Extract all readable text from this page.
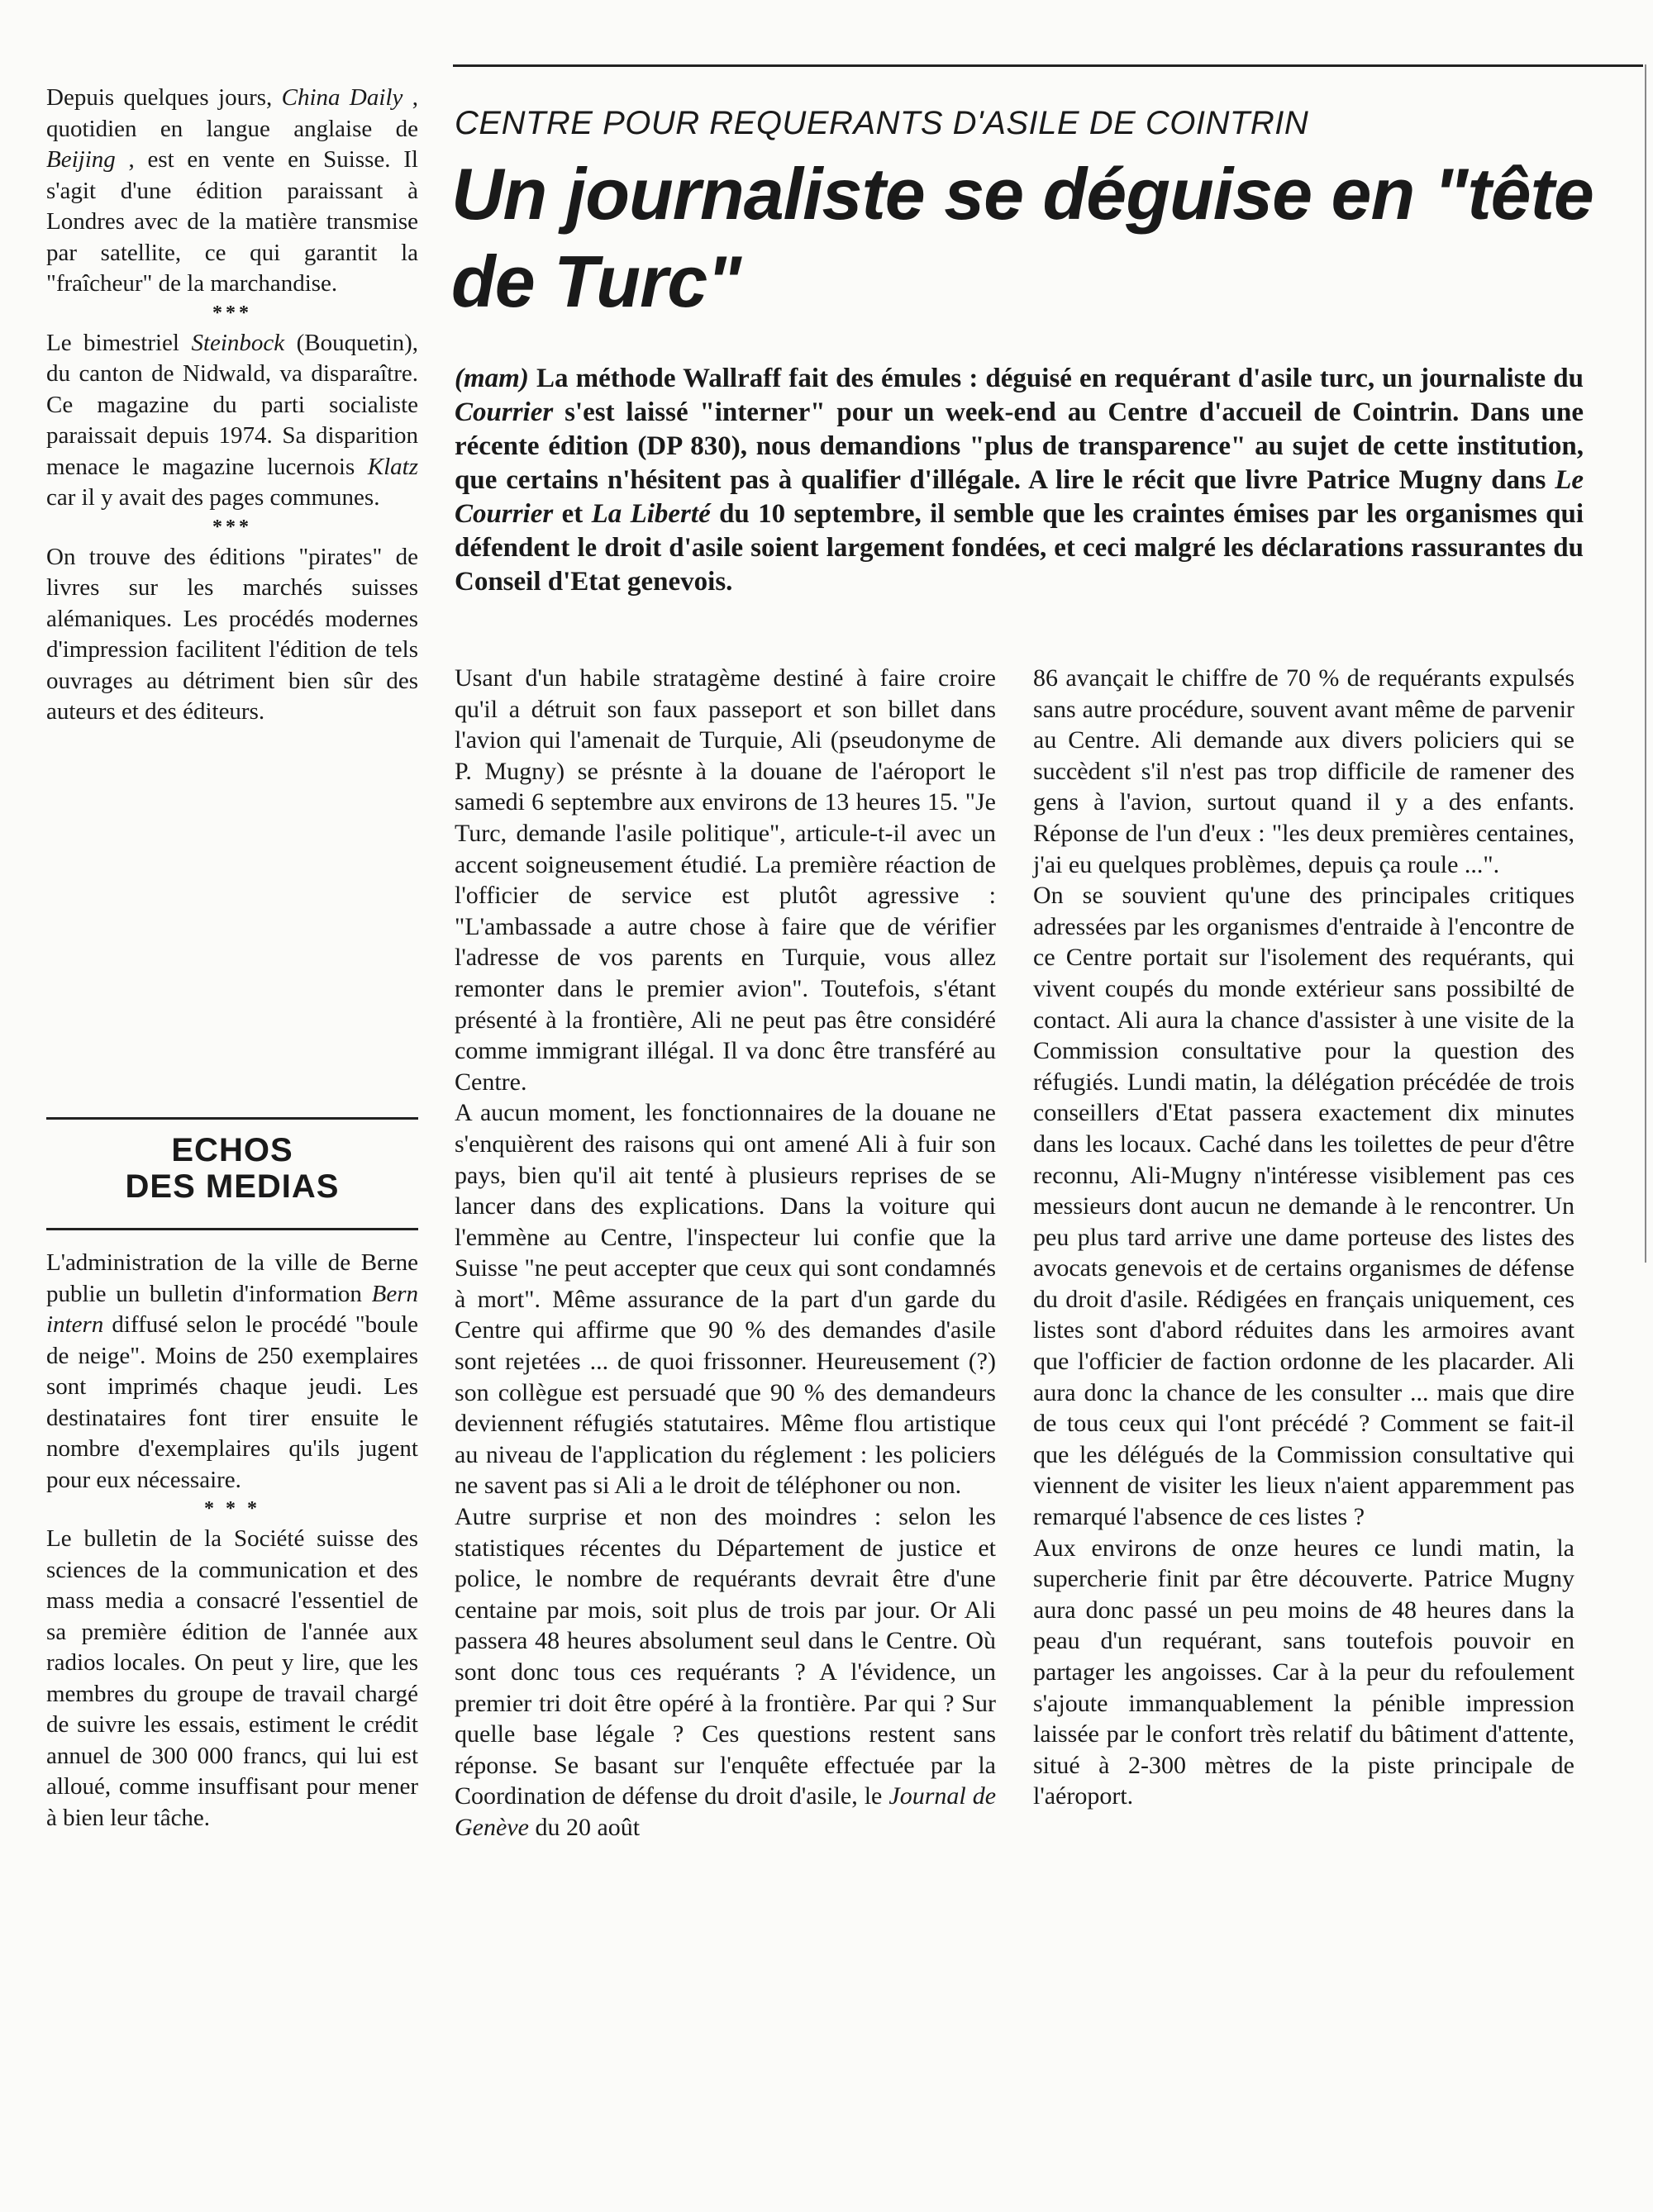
Depuis quelques jours, China Daily , quotidien en langue anglaise de Beijing , est en vente en Suisse. Il s'agit d'une édition paraissant à Londres avec de la matière transmise par satellite, ce qui garantit la "fraîcheur" de la marchandise.

***

Le bimestriel Steinbock (Bouquetin), du canton de Nidwald, va disparaître. Ce magazine du parti socialiste paraissait depuis 1974. Sa disparition menace le magazine lucernois Klatz car il y avait des pages communes.

***

On trouve des éditions "pirates" de livres sur les marchés suisses alémaniques. Les procédés modernes d'impression facilitent l'édition de tels ouvrages au détriment bien sûr des auteurs et des éditeurs.

ECHOS
DES MEDIAS

L'administration de la ville de Berne publie un bulletin d'information Bern intern diffusé selon le procédé "boule de neige". Moins de 250 exemplaires sont imprimés chaque jeudi. Les destinataires font tirer ensuite le nombre d'exemplaires qu'ils jugent pour eux nécessaire.

* * *

Le bulletin de la Société suisse des sciences de la communication et des mass media a consacré l'essentiel de sa première édition de l'année aux radios locales. On peut y lire, que les membres du groupe de travail chargé de suivre les essais, estiment le crédit annuel de 300 000 francs, qui lui est alloué, comme insuffisant pour mener à bien leur tâche.

CENTRE POUR REQUERANTS D'ASILE DE COINTRIN

Un journaliste se déguise en "tête de Turc"

(mam) La méthode Wallraff fait des émules : déguisé en requérant d'asile turc, un journaliste du Courrier s'est laissé "interner" pour un week-end au Centre d'accueil de Cointrin. Dans une récente édition (DP 830), nous demandions "plus de transparence" au sujet de cette institution, que certains n'hésitent pas à qualifier d'illégale. A lire le récit que livre Patrice Mugny dans Le Courrier et La Liberté du 10 septembre, il semble que les craintes émises par les organismes qui défendent le droit d'asile soient largement fondées, et ceci malgré les déclarations rassurantes du Conseil d'Etat genevois.

Usant d'un habile stratagème destiné à faire croire qu'il a détruit son faux passeport et son billet dans l'avion qui l'amenait de Turquie, Ali (pseudonyme de P. Mugny) se présnte à la douane de l'aéroport le samedi 6 septembre aux environs de 13 heures 15. "Je Turc, demande l'asile politique", articule-t-il avec un accent soigneusement étudié. La première réaction de l'officier de service est plutôt agressive : "L'ambassade a autre chose à faire que de vérifier l'adresse de vos parents en Turquie, vous allez remonter dans le premier avion". Toutefois, s'étant présenté à la frontière, Ali ne peut pas être considéré comme immigrant illégal. Il va donc être transféré au Centre.

A aucun moment, les fonctionnaires de la douane ne s'enquièrent des raisons qui ont amené Ali à fuir son pays, bien qu'il ait tenté à plusieurs reprises de se lancer dans des explications. Dans la voiture qui l'emmène au Centre, l'inspecteur lui confie que la Suisse "ne peut accepter que ceux qui sont condamnés à mort". Même assurance de la part d'un garde du Centre qui affirme que 90 % des demandes d'asile sont rejetées ... de quoi frissonner. Heureusement (?) son collègue est persuadé que 90 % des demandeurs deviennent réfugiés statutaires. Même flou artistique au niveau de l'application du réglement : les policiers ne savent pas si Ali a le droit de téléphoner ou non.

Autre surprise et non des moindres : selon les statistiques récentes du Département de justice et police, le nombre de requérants devrait être d'une centaine par mois, soit plus de trois par jour. Or Ali passera 48 heures absolument seul dans le Centre. Où sont donc tous ces requérants ? A l'évidence, un premier tri doit être opéré à la frontière. Par qui ? Sur quelle base légale ? Ces questions restent sans réponse. Se basant sur l'enquête effectuée par la Coordination de défense du droit d'asile, le Journal de Genève du 20 août

86 avançait le chiffre de 70 % de requérants expulsés sans autre procédure, souvent avant même de parvenir au Centre. Ali demande aux divers policiers qui se succèdent s'il n'est pas trop difficile de ramener des gens à l'avion, surtout quand il y a des enfants. Réponse de l'un d'eux : "les deux premières centaines, j'ai eu quelques problèmes, depuis ça roule ...".

On se souvient qu'une des principales critiques adressées par les organismes d'entraide à l'encontre de ce Centre portait sur l'isolement des requérants, qui vivent coupés du monde extérieur sans possibilté de contact. Ali aura la chance d'assister à une visite de la Commission consultative pour la question des réfugiés. Lundi matin, la délégation précédée de trois conseillers d'Etat passera exactement dix minutes dans les locaux. Caché dans les toilettes de peur d'être reconnu, Ali-Mugny n'intéresse visiblement pas ces messieurs dont aucun ne demande à le rencontrer. Un peu plus tard arrive une dame porteuse des listes des avocats genevois et de certains organismes de défense du droit d'asile. Rédigées en français uniquement, ces listes sont d'abord réduites dans les armoires avant que l'officier de faction ordonne de les placarder. Ali aura donc la chance de les consulter ... mais que dire de tous ceux qui l'ont précédé ? Comment se fait-il que les délégués de la Commission consultative qui viennent de visiter les lieux n'aient apparemment pas remarqué l'absence de ces listes ?

Aux environs de onze heures ce lundi matin, la supercherie finit par être découverte. Patrice Mugny aura donc passé un peu moins de 48 heures dans la peau d'un requérant, sans toutefois pouvoir en partager les angoisses. Car à la peur du refoulement s'ajoute immanquablement la pénible impression laissée par le confort très relatif du bâtiment d'attente, situé à 2-300 mètres de la piste principale de l'aéroport.
